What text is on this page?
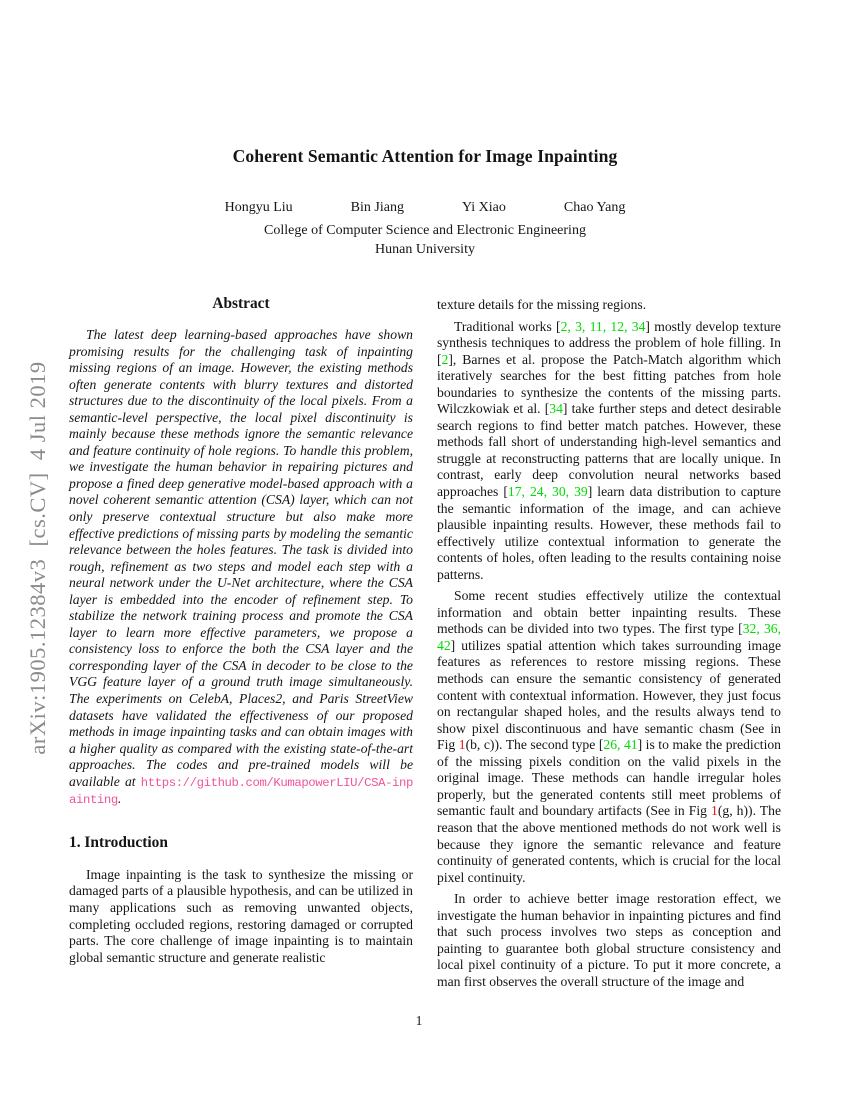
arXiv:1905.12384v3  [cs.CV]  4 Jul 2019
Coherent Semantic Attention for Image Inpainting
Hongyu Liu	Bin Jiang	Yi Xiao	Chao Yang
College of Computer Science and Electronic Engineering
Hunan University
Abstract

The latest deep learning-based approaches have shown promising results for the challenging task of inpainting missing regions of an image. However, the existing methods often generate contents with blurry textures and distorted structures due to the discontinuity of the local pixels. From a semantic-level perspective, the local pixel discontinuity is mainly because these methods ignore the semantic relevance and feature continuity of hole regions. To handle this problem, we investigate the human behavior in repairing pictures and propose a fined deep generative model-based approach with a novel coherent semantic attention (CSA) layer, which can not only preserve contextual structure but also make more effective predictions of missing parts by modeling the semantic relevance between the holes features. The task is divided into rough, refinement as two steps and model each step with a neural network under the U-Net architecture, where the CSA layer is embedded into the encoder of refinement step. To stabilize the network training process and promote the CSA layer to learn more effective parameters, we propose a consistency loss to enforce the both the CSA layer and the corresponding layer of the CSA in decoder to be close to the VGG feature layer of a ground truth image simultaneously. The experiments on CelebA, Places2, and Paris StreetView datasets have validated the effectiveness of our proposed methods in image inpainting tasks and can obtain images with a higher quality as compared with the existing state-of-the-art approaches. The codes and pre-trained models will be available at https://github.com/KumapowerLIU/CSA-inpainting.

1. Introduction

Image inpainting is the task to synthesize the missing or damaged parts of a plausible hypothesis, and can be utilized in many applications such as removing unwanted objects, completing occluded regions, restoring damaged or corrupted parts. The core challenge of image inpainting is to maintain global semantic structure and generate realistic

texture details for the missing regions.

Traditional works [2, 3, 11, 12, 34] mostly develop texture synthesis techniques to address the problem of hole filling. In [2], Barnes et al. propose the Patch-Match algorithm which iteratively searches for the best fitting patches from hole boundaries to synthesize the contents of the missing parts. Wilczkowiak et al. [34] take further steps and detect desirable search regions to find better match patches. However, these methods fall short of understanding high-level semantics and struggle at reconstructing patterns that are locally unique. In contrast, early deep convolution neural networks based approaches [17, 24, 30, 39] learn data distribution to capture the semantic information of the image, and can achieve plausible inpainting results. However, these methods fail to effectively utilize contextual information to generate the contents of holes, often leading to the results containing noise patterns.

Some recent studies effectively utilize the contextual information and obtain better inpainting results. These methods can be divided into two types. The first type [32, 36, 42] utilizes spatial attention which takes surrounding image features as references to restore missing regions. These methods can ensure the semantic consistency of generated content with contextual information. However, they just focus on rectangular shaped holes, and the results always tend to show pixel discontinuous and have semantic chasm (See in Fig 1(b, c)). The second type [26, 41] is to make the prediction of the missing pixels condition on the valid pixels in the original image. These methods can handle irregular holes properly, but the generated contents still meet problems of semantic fault and boundary artifacts (See in Fig 1(g, h)). The reason that the above mentioned methods do not work well is because they ignore the semantic relevance and feature continuity of generated contents, which is crucial for the local pixel continuity.

In order to achieve better image restoration effect, we investigate the human behavior in inpainting pictures and find that such process involves two steps as conception and painting to guarantee both global structure consistency and local pixel continuity of a picture. To put it more concrete, a man first observes the overall structure of the image and

1
